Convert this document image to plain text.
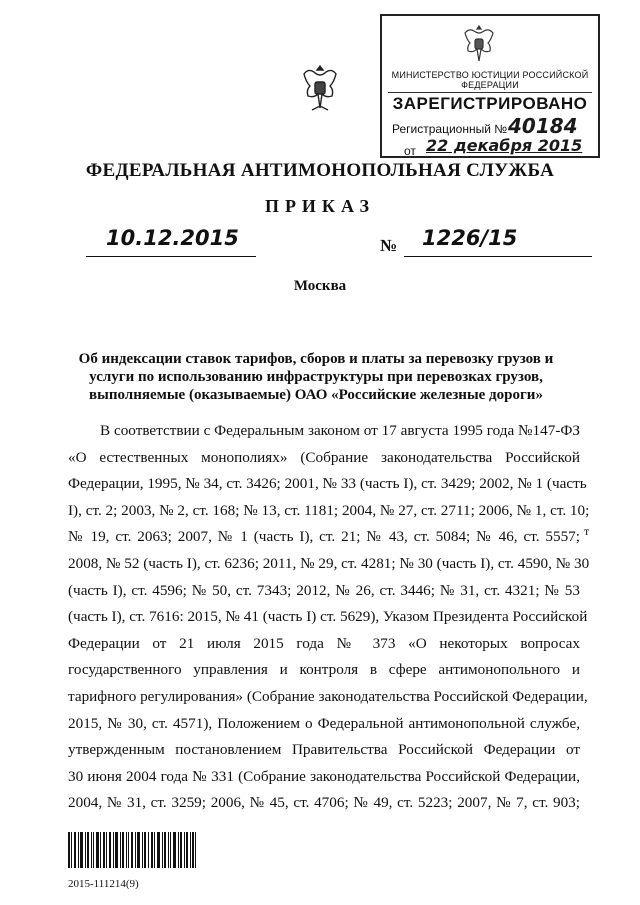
МИНИСТЕРСТВО ЮСТИЦИИ РОССИЙСКОЙ ФЕДЕРАЦИИ
ЗАРЕГИСТРИРОВАНО
Регистрационный № 40184
от 22 декабря 2015
ФЕДЕРАЛЬНАЯ АНТИМОНОПОЛЬНАЯ СЛУЖБА
ПРИКАЗ
10.12.2015	№	1226/15
Москва
Об индексации ставок тарифов, сборов и платы за перевозку грузов и услуги по использованию инфраструктуры при перевозках грузов, выполняемые (оказываемые) ОАО «Российские железные дороги»
В соответствии с Федеральным законом от 17 августа 1995 года №147-ФЗ
«О естественных монополиях» (Собрание законодательства Российской
Федерации, 1995, № 34, ст. 3426; 2001, № 33 (часть I), ст. 3429; 2002, № 1 (часть
I), ст. 2; 2003, № 2, ст. 168; № 13, ст. 1181; 2004, № 27, ст. 2711; 2006, № 1, ст. 10;
№ 19, ст. 2063; 2007, № 1 (часть I), ст. 21; № 43, ст. 5084; № 46, ст. 5557;
2008, № 52 (часть I), ст. 6236; 2011, № 29, ст. 4281; № 30 (часть I), ст. 4590, № 30
(часть I), ст. 4596; № 50, ст. 7343; 2012, № 26, ст. 3446; № 31, ст. 4321; № 53
(часть I), ст. 7616: 2015, № 41 (часть I) ст. 5629), Указом Президента Российской
Федерации от 21 июля 2015 года № 373 «О некоторых вопросах
государственного управления и контроля в сфере антимонопольного и
тарифного регулирования» (Собрание законодательства Российской Федерации,
2015, № 30, ст. 4571), Положением о Федеральной антимонопольной службе,
утвержденным постановлением Правительства Российской Федерации от
30 июня 2004 года № 331 (Собрание законодательства Российской Федерации,
2004, № 31, ст. 3259; 2006, № 45, ст. 4706; № 49, ст. 5223; 2007, № 7, ст. 903;
т
2015-111214(9)
